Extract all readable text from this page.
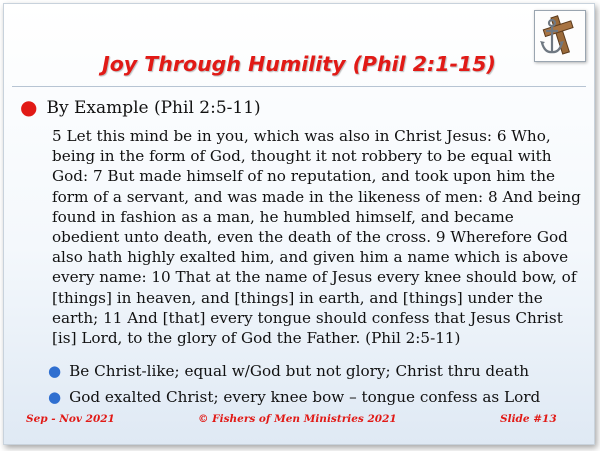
Joy Through Humility (Phil 2:1-15)
● By Example (Phil 2:5-11)
5 Let this mind be in you, which was also in Christ Jesus: 6 Who, being in the form of God, thought it not robbery to be equal with God: 7 But made himself of no reputation, and took upon him the form of a servant, and was made in the likeness of men: 8 And being found in fashion as a man, he humbled himself, and became obedient unto death, even the death of the cross. 9 Wherefore God also hath highly exalted him, and given him a name which is above every name: 10 That at the name of Jesus every knee should bow, of [things] in heaven, and [things] in earth, and [things] under the earth; 11 And [that] every tongue should confess that Jesus Christ [is] Lord, to the glory of God the Father. (Phil 2:5-11)
● Be Christ-like; equal w/God but not glory; Christ thru death
● God exalted Christ; every knee bow – tongue confess as Lord
Sep - Nov 2021	© Fishers of Men Ministries 2021	Slide #13
